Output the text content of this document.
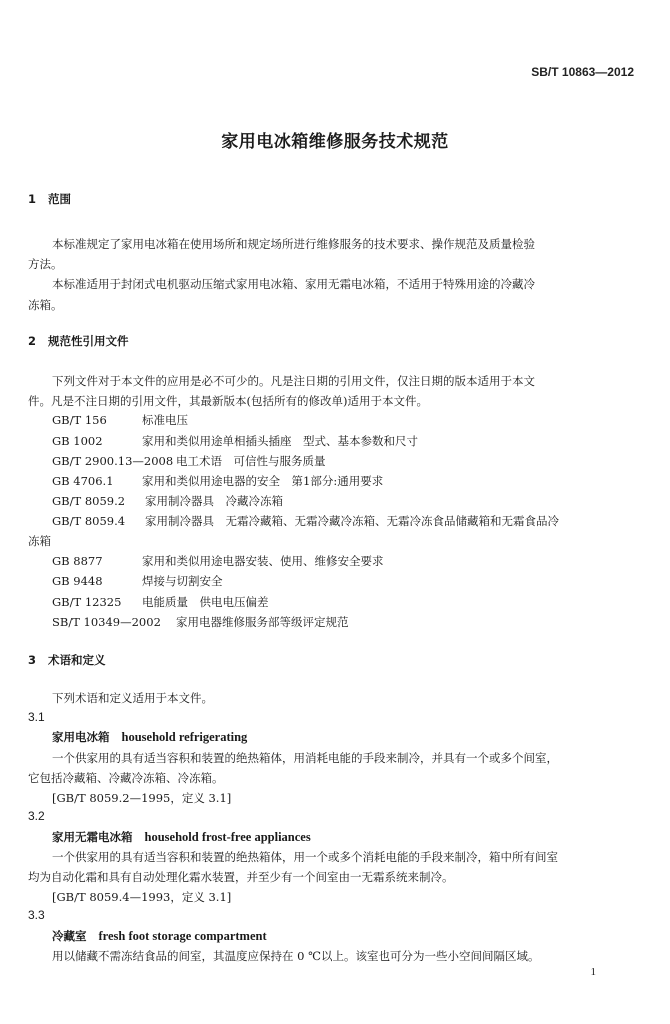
SB/T 10863—2012

家用电冰箱维修服务技术规范
1 范围

本标准规定了家用电冰箱在使用场所和规定场所进行维修服务的技术要求、操作规范及质量检验

方法。

本标准适用于封闭式电机驱动压缩式家用电冰箱、家用无霜电冰箱，不适用于特殊用途的冷藏冷

冻箱。

2 规范性引用文件

下列文件对于本文件的应用是必不可少的。凡是注日期的引用文件，仅注日期的版本适用于本文

件。凡是不注日期的引用文件，其最新版本(包括所有的修改单)适用于本文件。

GB/T 156	标准电压
GB 1002	家用和类似用途单相插头插座　型式、基本参数和尺寸
GB/T 2900.13—2008 电工术语　可信性与服务质量
GB 4706.1 家用和类似用途电器的安全　第1部分:通用要求
GB/T 8059.2 家用制冷器具　冷藏冷冻箱
GB/T 8059.4 家用制冷器具　无霜冷藏箱、无霜冷藏冷冻箱、无霜冷冻食品储藏箱和无霜食品冷

冻箱

GB 8877	家用和类似用途电器安装、使用、维修安全要求
GB 9448	焊接与切割安全
GB/T 12325 电能质量　供电电压偏差
SB/T 10349—2002 家用电器维修服务部等级评定规范
3 术语和定义

下列术语和定义适用于本文件。

3.1

家用电冰箱 household refrigerating

一个供家用的具有适当容积和装置的绝热箱体，用消耗电能的手段来制冷，并具有一个或多个间室，

它包括冷藏箱、冷藏冷冻箱、冷冻箱。

[GB/T 8059.2—1995，定义 3.1]

3.2

家用无霜电冰箱 household frost-free appliances

一个供家用的具有适当容积和装置的绝热箱体，用一个或多个消耗电能的手段来制冷，箱中所有间室

均为自动化霜和具有自动处理化霜水装置，并至少有一个间室由一无霜系统来制冷。

[GB/T 8059.4—1993，定义 3.1]

3.3

冷藏室 fresh foot storage compartment

用以储藏不需冻结食品的间室，其温度应保持在 0 ℃以上。该室也可分为一些小空间间隔区域。

1
